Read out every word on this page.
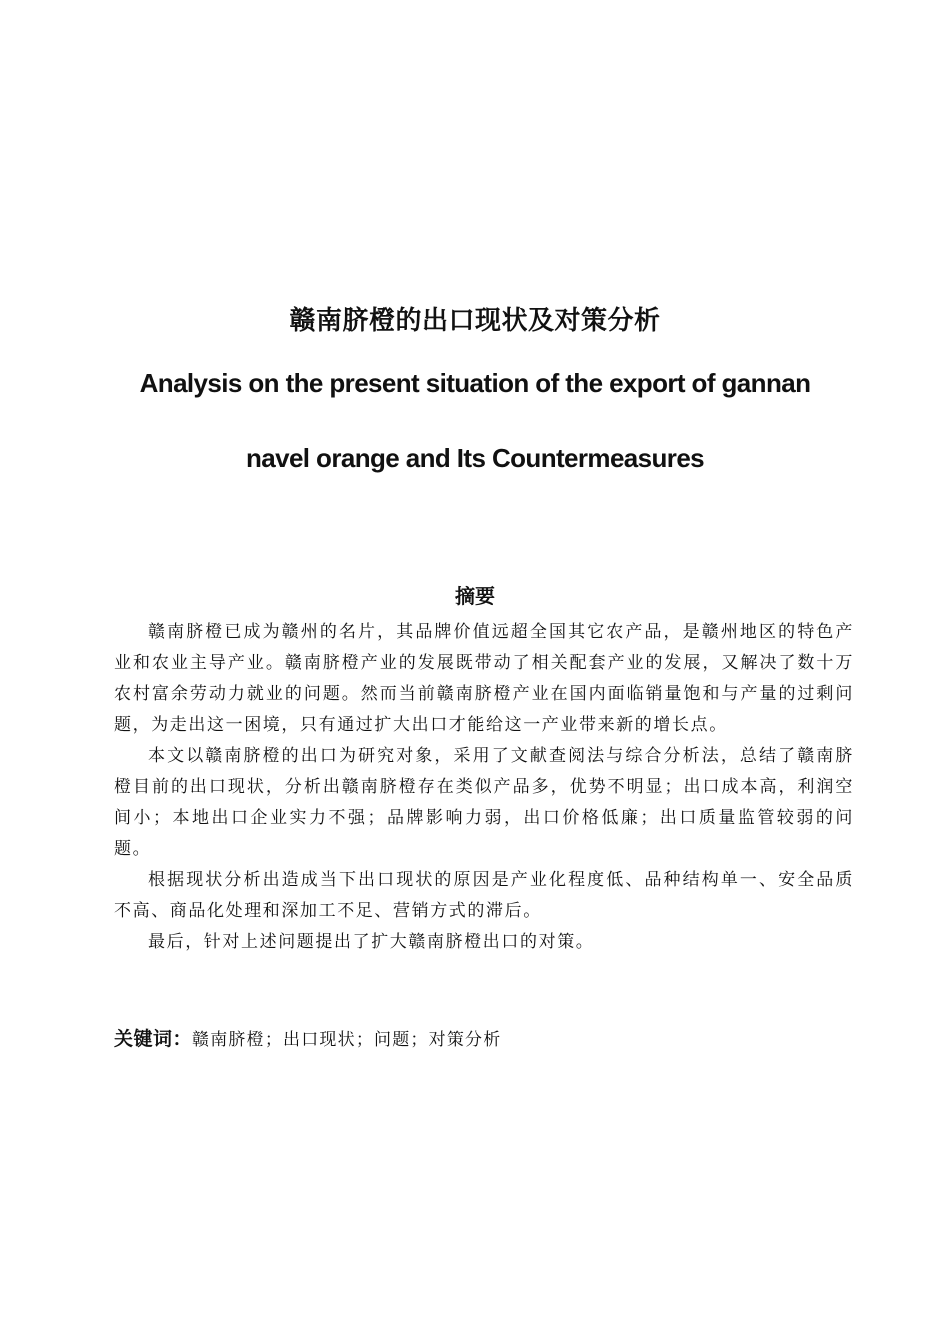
赣南脐橙的出口现状及对策分析
Analysis on the present situation of the export of gannan
navel orange and Its Countermeasures
摘要

赣南脐橙已成为赣州的名片，其品牌价值远超全国其它农产品，是赣州地区的特色产业和农业主导产业。赣南脐橙产业的发展既带动了相关配套产业的发展，又解决了数十万农村富余劳动力就业的问题。然而当前赣南脐橙产业在国内面临销量饱和与产量的过剩问题，为走出这一困境，只有通过扩大出口才能给这一产业带来新的增长点。

本文以赣南脐橙的出口为研究对象，采用了文献查阅法与综合分析法，总结了赣南脐橙目前的出口现状，分析出赣南脐橙存在类似产品多，优势不明显；出口成本高，利润空间小；本地出口企业实力不强；品牌影响力弱，出口价格低廉；出口质量监管较弱的问题。

根据现状分析出造成当下出口现状的原因是产业化程度低、品种结构单一、安全品质不高、商品化处理和深加工不足、营销方式的滞后。

最后，针对上述问题提出了扩大赣南脐橙出口的对策。

关键词：赣南脐橙；出口现状；问题；对策分析
